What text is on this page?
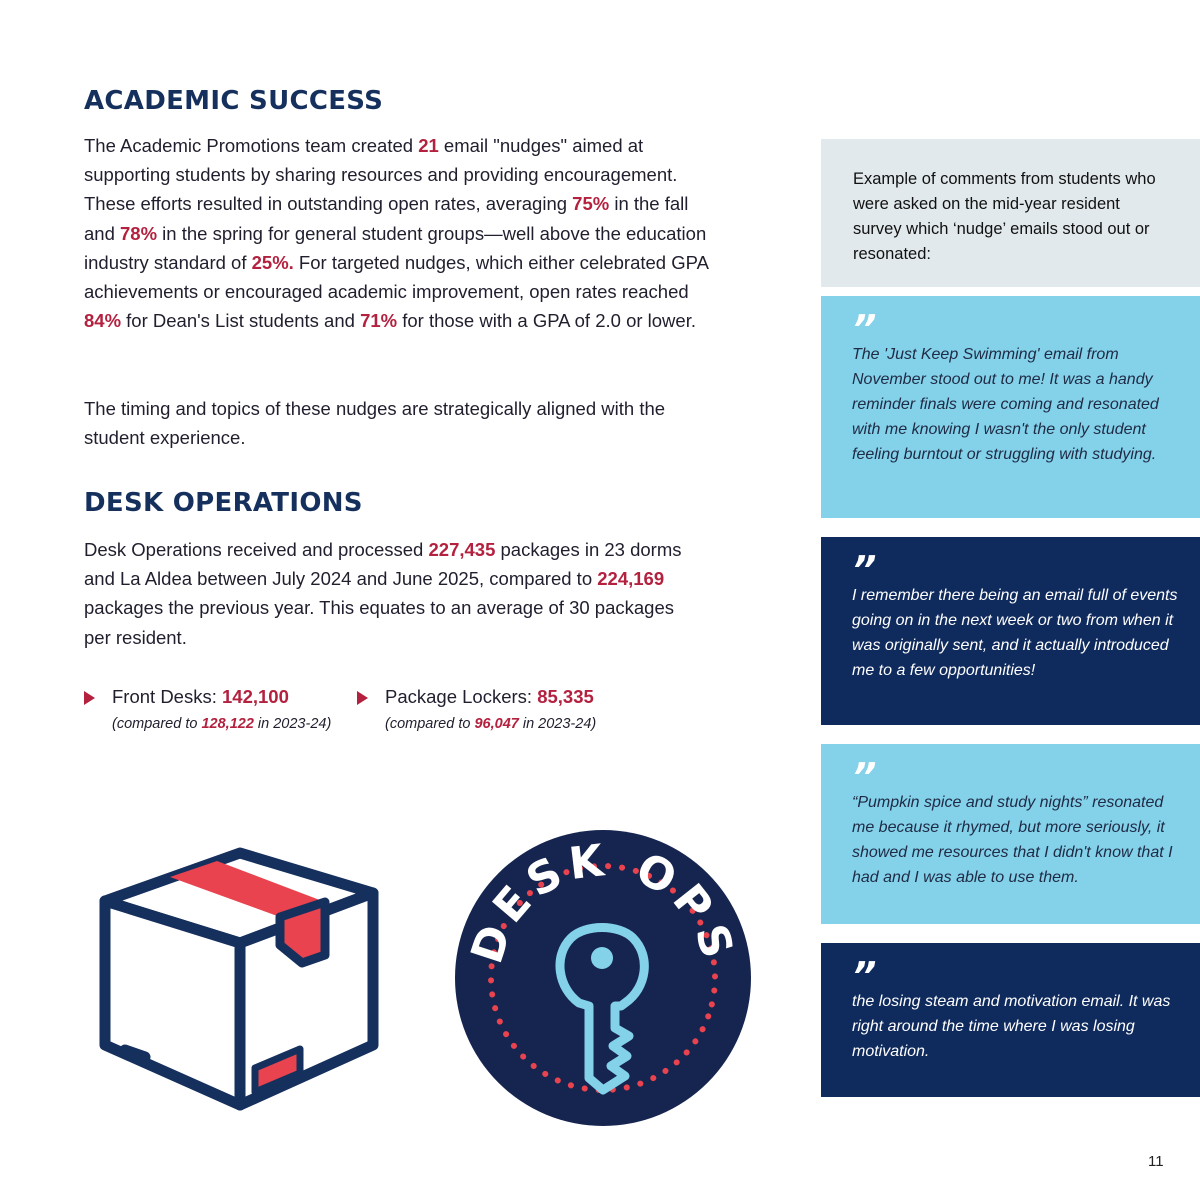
ACADEMIC SUCCESS

The Academic Promotions team created 21 email "nudges" aimed at supporting students by sharing resources and providing encouragement. These efforts resulted in outstanding open rates, averaging 75% in the fall and 78% in the spring for general student groups—well above the education industry standard of 25%. For targeted nudges, which either celebrated GPA achievements or encouraged academic improvement, open rates reached 84% for Dean's List students and 71% for those with a GPA of 2.0 or lower.

The timing and topics of these nudges are strategically aligned with the student experience.

DESK OPERATIONS

Desk Operations received and processed 227,435 packages in 23 dorms and La Aldea between July 2024 and June 2025, compared to 224,169 packages the previous year. This equates to an average of 30 packages per resident.

Front Desks: 142,100
(compared to 128,122 in 2023-24)
Package Lockers: 85,335
(compared to 96,047 in 2023-24)
DESK OPS
Example of comments from students who were asked on the mid-year resident survey which ‘nudge’ emails stood out or resonated:
”
The 'Just Keep Swimming' email from November stood out to me! It was a handy reminder finals were coming and resonated with me knowing I wasn't the only student feeling burntout or struggling with studying.
”
I remember there being an email full of events going on in the next week or two from when it was originally sent, and it actually introduced me to a few opportunities!
”
“Pumpkin spice and study nights” resonated me because it rhymed, but more seriously, it showed me resources that I didn't know that I had and I was able to use them.
”
the losing steam and motivation email. It was right around the time where I was losing motivation.
11
